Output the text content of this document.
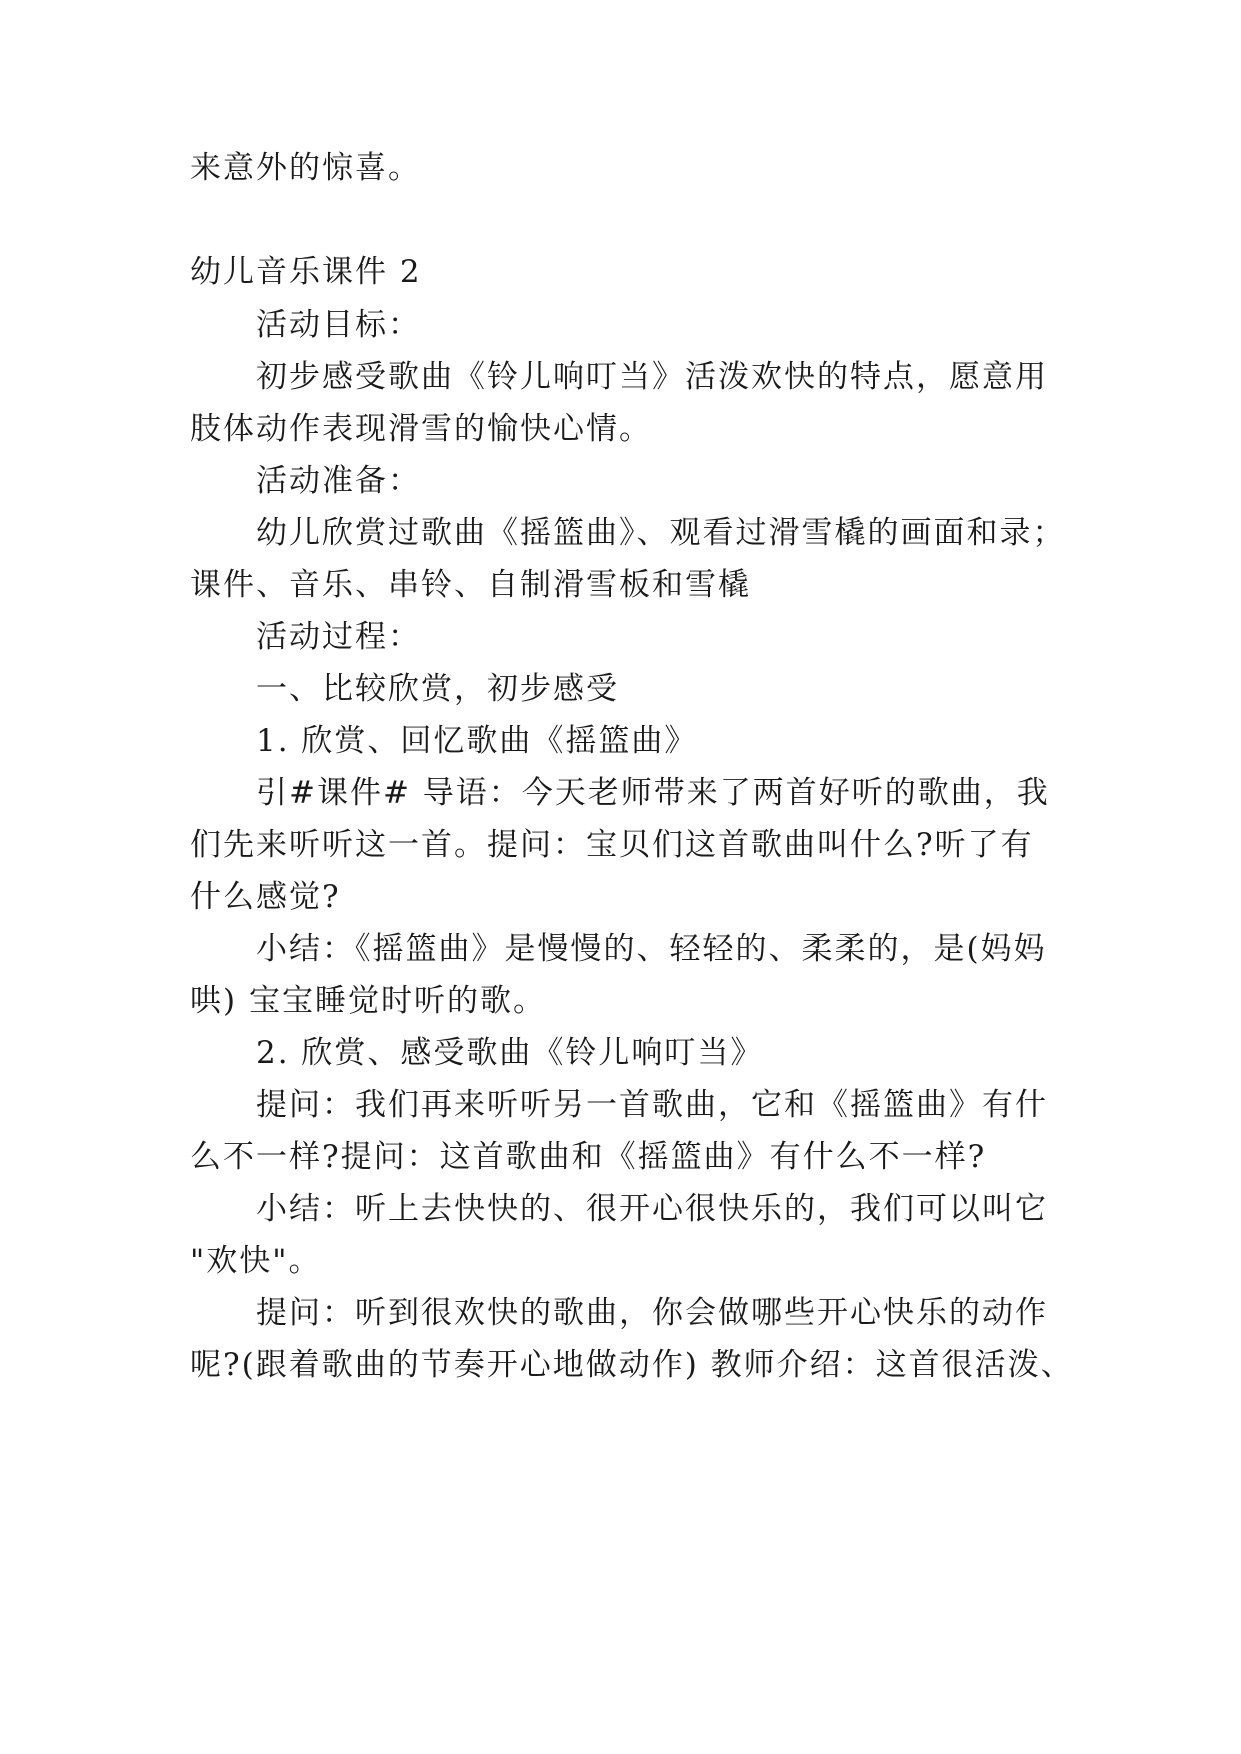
来意外的惊喜。
幼儿音乐课件 2
活动目标：
初步感受歌曲《铃儿响叮当》活泼欢快的特点，愿意用
肢体动作表现滑雪的愉快心情。
活动准备：
幼儿欣赏过歌曲《摇篮曲》、观看过滑雪橇的画面和录；
课件、音乐、串铃、自制滑雪板和雪橇
活动过程：
一、比较欣赏，初步感受
1. 欣赏、回忆歌曲《摇篮曲》
引#课件# 导语：今天老师带来了两首好听的歌曲，我
们先来听听这一首。提问：宝贝们这首歌曲叫什么?听了有
什么感觉?
小结：《摇篮曲》是慢慢的、轻轻的、柔柔的，是(妈妈
哄) 宝宝睡觉时听的歌。
2. 欣赏、感受歌曲《铃儿响叮当》
提问：我们再来听听另一首歌曲，它和《摇篮曲》有什
么不一样?提问：这首歌曲和《摇篮曲》有什么不一样?
小结：听上去快快的、很开心很快乐的，我们可以叫它
"欢快"。
提问：听到很欢快的歌曲，你会做哪些开心快乐的动作
呢?(跟着歌曲的节奏开心地做动作) 教师介绍：这首很活泼、
